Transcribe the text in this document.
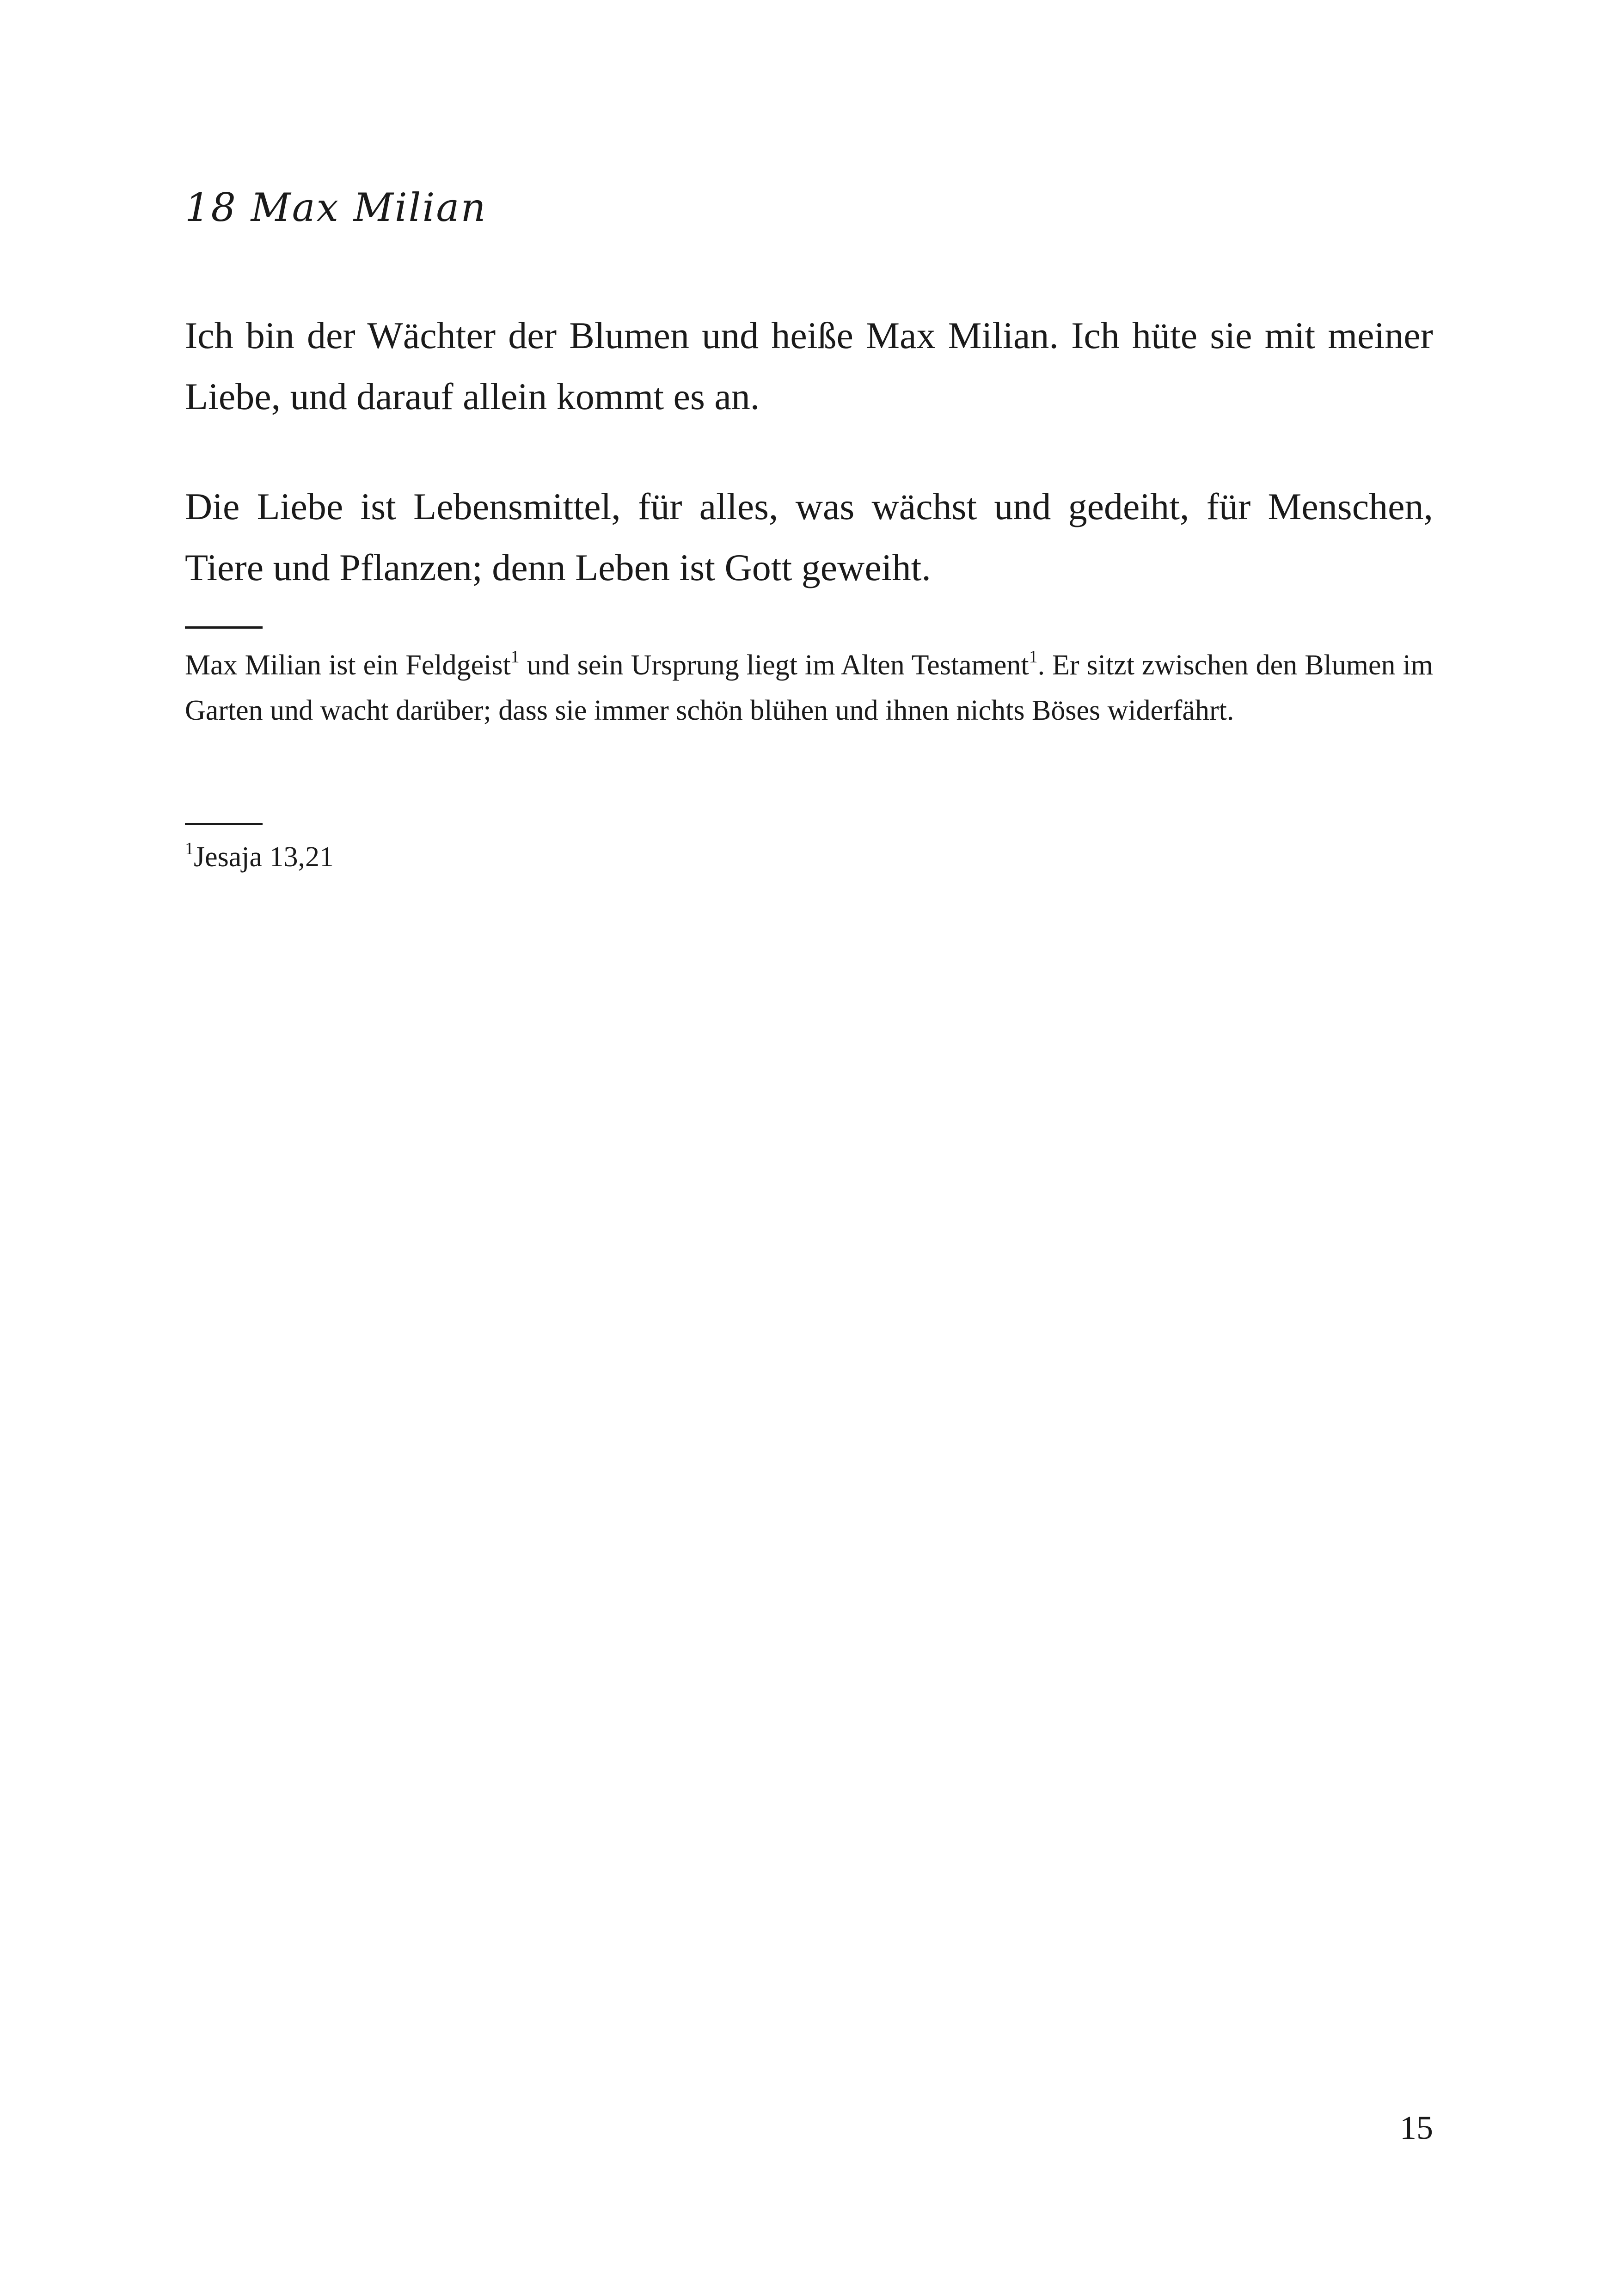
18 Max Milian

Ich bin der Wächter der Blumen und heiße Max Milian. Ich hüte sie mit meiner Liebe, und darauf allein kommt es an.

Die Liebe ist Lebensmittel, für alles, was wächst und gedeiht, für Menschen, Tiere und Pflanzen; denn Leben ist Gott geweiht.

Max Milian ist ein Feldgeist$^1$ und sein Ursprung liegt im Alten Testament$^1$. Er sitzt zwischen den Blumen im Garten und wacht darüber; dass sie immer schön blühen und ihnen nichts Böses widerfährt.

$^1$Jesaja 13,21

15
